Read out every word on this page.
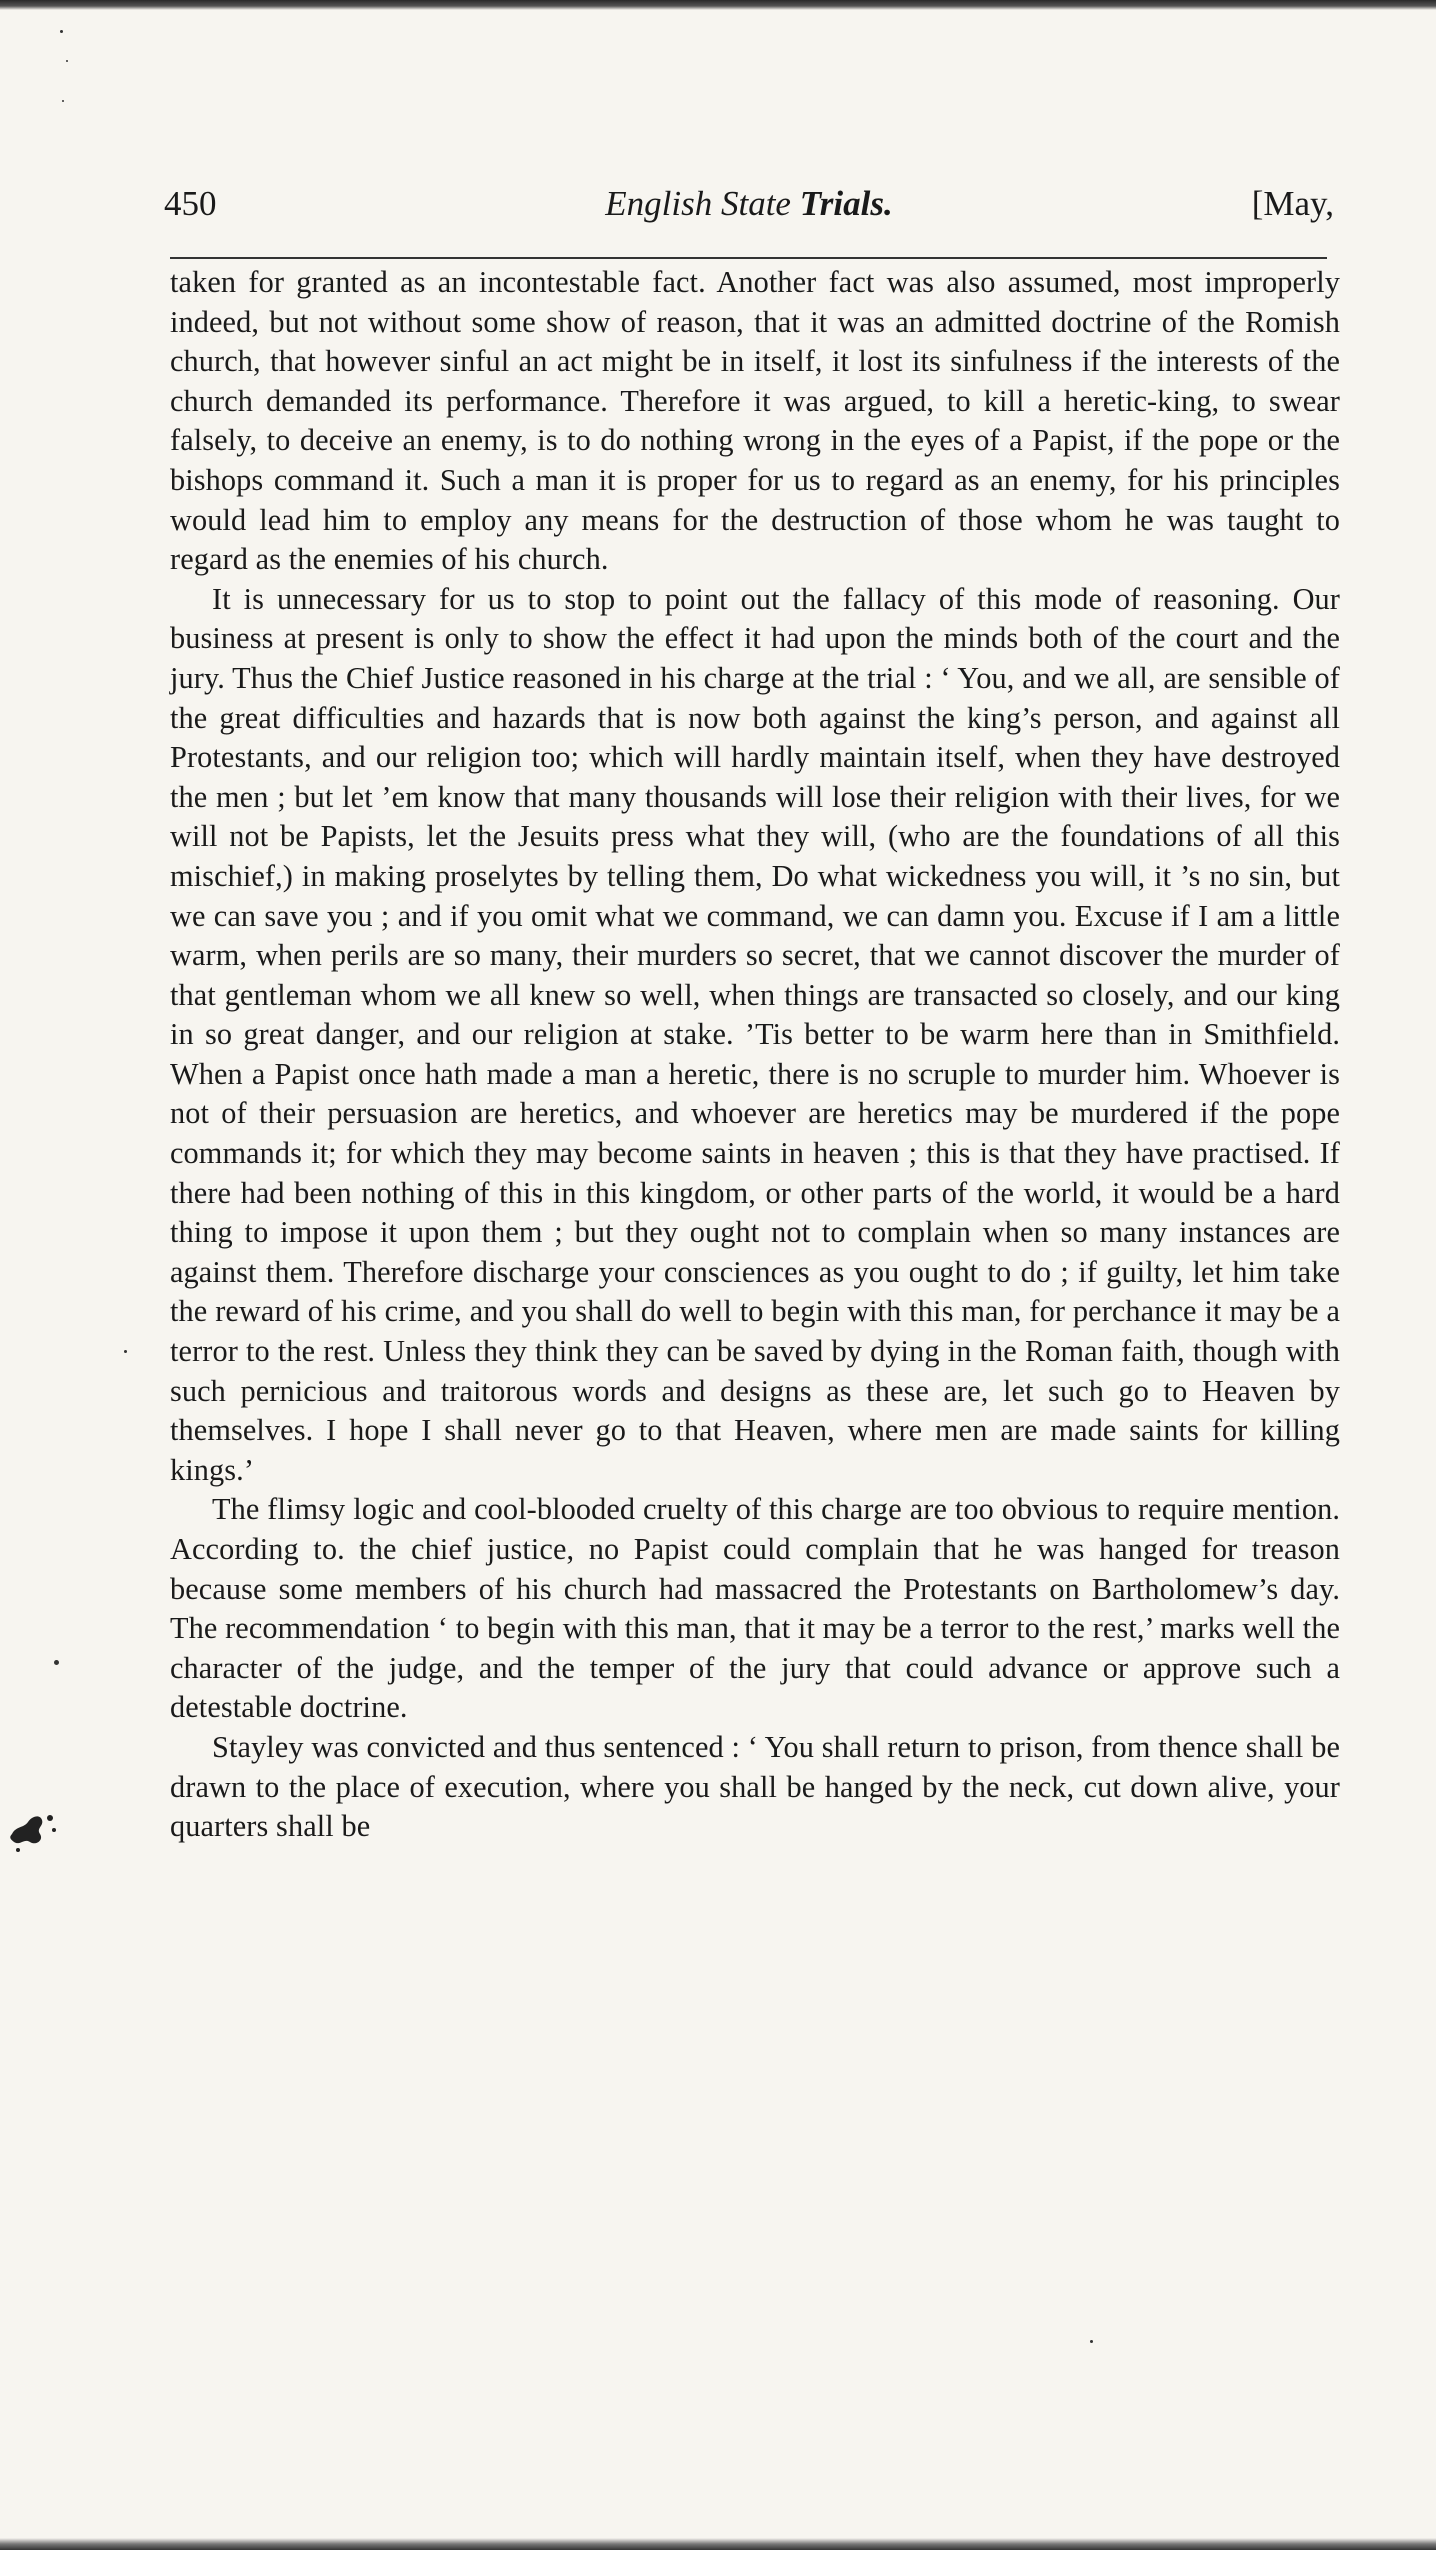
450	English State Trials.	[May,

taken for granted as an incontestable fact. Another fact was also assumed, most improperly indeed, but not without some show of reason, that it was an admitted doctrine of the Romish church, that however sinful an act might be in itself, it lost its sinfulness if the interests of the church demanded its performance. Therefore it was argued, to kill a heretic-king, to swear falsely, to deceive an enemy, is to do nothing wrong in the eyes of a Papist, if the pope or the bishops command it. Such a man it is proper for us to regard as an enemy, for his principles would lead him to employ any means for the destruction of those whom he was taught to regard as the enemies of his church.

It is unnecessary for us to stop to point out the fallacy of this mode of reasoning. Our business at present is only to show the effect it had upon the minds both of the court and the jury. Thus the Chief Justice reasoned in his charge at the trial : ‘ You, and we all, are sensible of the great difficulties and hazards that is now both against the king’s person, and against all Protestants, and our religion too; which will hardly maintain itself, when they have destroyed the men ; but let ’em know that many thousands will lose their religion with their lives, for we will not be Papists, let the Jesuits press what they will, (who are the foundations of all this mischief,) in making proselytes by telling them, Do what wickedness you will, it ’s no sin, but we can save you ; and if you omit what we command, we can damn you. Excuse if I am a little warm, when perils are so many, their murders so secret, that we cannot discover the murder of that gentleman whom we all knew so well, when things are transacted so closely, and our king in so great danger, and our religion at stake. ’Tis better to be warm here than in Smithfield. When a Papist once hath made a man a heretic, there is no scruple to murder him. Whoever is not of their persuasion are heretics, and whoever are heretics may be murdered if the pope commands it; for which they may become saints in heaven ; this is that they have practised. If there had been nothing of this in this kingdom, or other parts of the world, it would be a hard thing to impose it upon them ; but they ought not to complain when so many instances are against them. Therefore discharge your consciences as you ought to do ; if guilty, let him take the reward of his crime, and you shall do well to begin with this man, for perchance it may be a terror to the rest. Unless they think they can be saved by dying in the Roman faith, though with such pernicious and traitorous words and designs as these are, let such go to Heaven by themselves. I hope I shall never go to that Heaven, where men are made saints for killing kings.’

The flimsy logic and cool-blooded cruelty of this charge are too obvious to require mention. According to. the chief justice, no Papist could complain that he was hanged for treason because some members of his church had massacred the Protestants on Bartholomew’s day. The recommendation ‘ to begin with this man, that it may be a terror to the rest,’ marks well the character of the judge, and the temper of the jury that could advance or approve such a detestable doctrine.

Stayley was convicted and thus sentenced : ‘ You shall return to prison, from thence shall be drawn to the place of execution, where you shall be hanged by the neck, cut down alive, your quarters shall be
